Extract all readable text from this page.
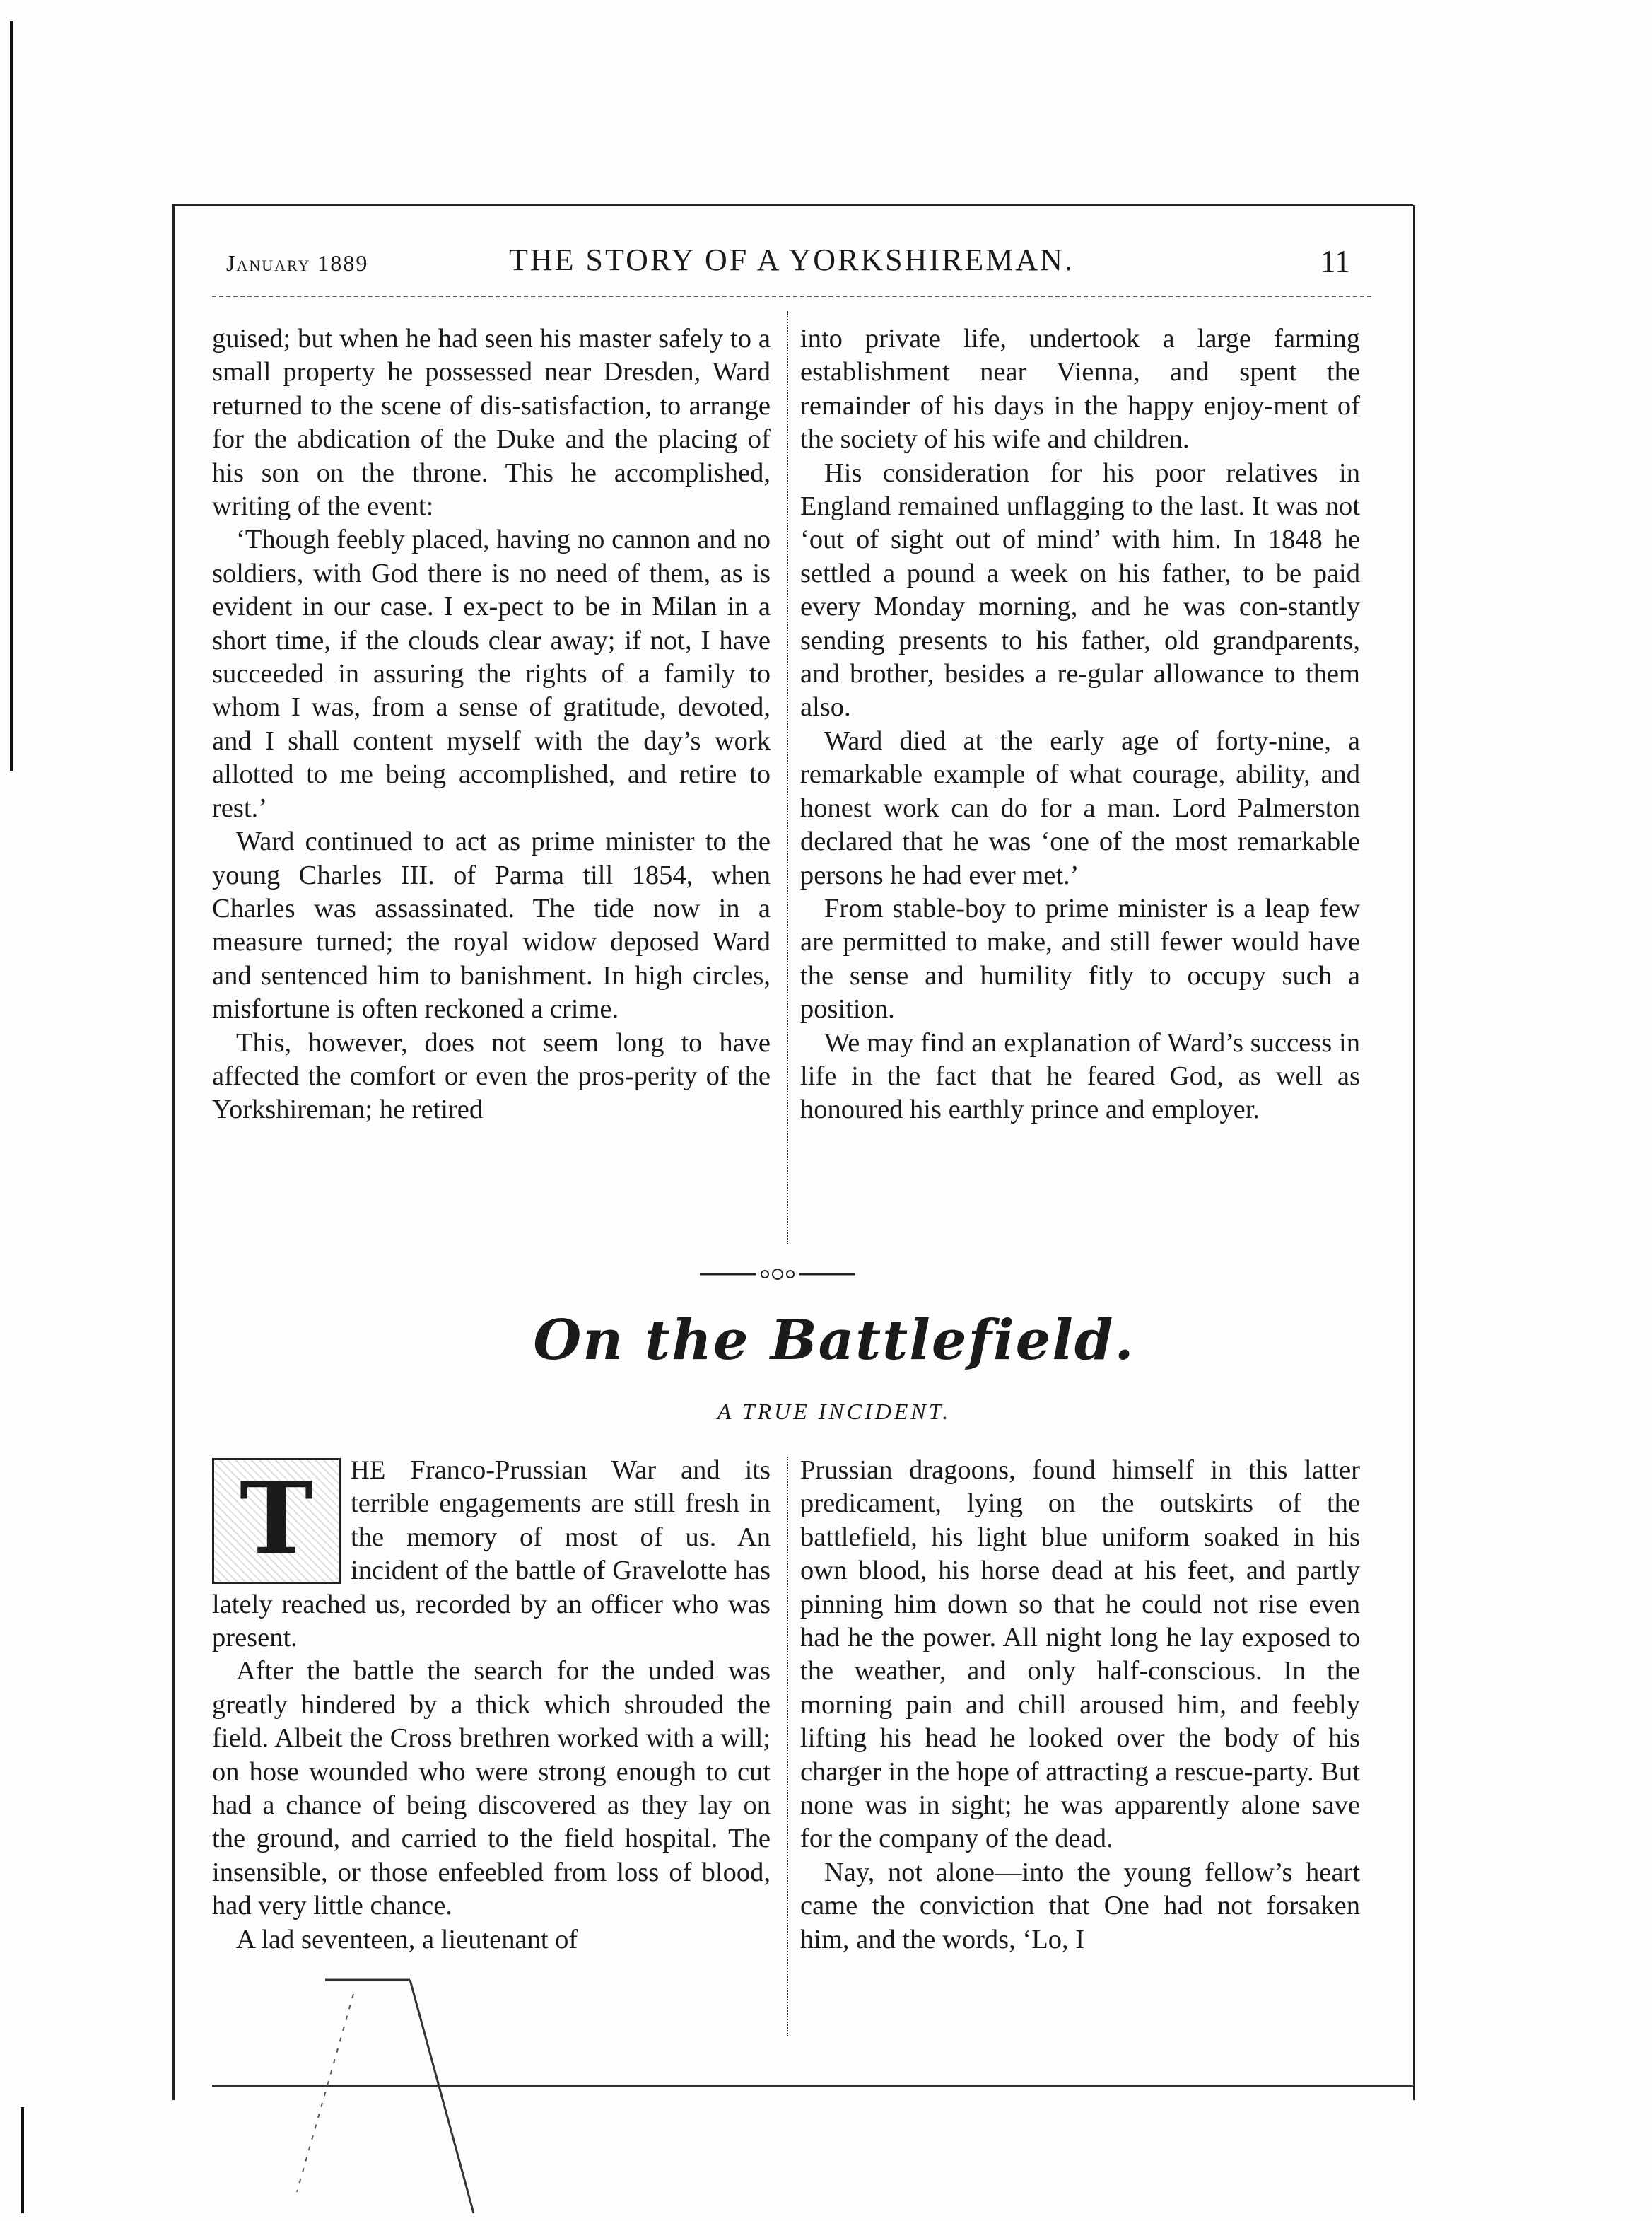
January 1889	THE STORY OF A YORKSHIREMAN.	11

guised; but when he had seen his master safely to a small property he possessed near Dresden, Ward returned to the scene of dis-satisfaction, to arrange for the abdication of the Duke and the placing of his son on the throne. This he accomplished, writing of the event:

‘Though feebly placed, having no cannon and no soldiers, with God there is no need of them, as is evident in our case. I ex-pect to be in Milan in a short time, if the clouds clear away; if not, I have succeeded in assuring the rights of a family to whom I was, from a sense of gratitude, devoted, and I shall content myself with the day’s work allotted to me being accomplished, and retire to rest.’

Ward continued to act as prime minister to the young Charles III. of Parma till 1854, when Charles was assassinated. The tide now in a measure turned; the royal widow deposed Ward and sentenced him to banishment. In high circles, misfortune is often reckoned a crime.

This, however, does not seem long to have affected the comfort or even the pros-perity of the Yorkshireman; he retired

into private life, undertook a large farming establishment near Vienna, and spent the remainder of his days in the happy enjoy-ment of the society of his wife and children.

His consideration for his poor relatives in England remained unflagging to the last. It was not ‘out of sight out of mind’ with him. In 1848 he settled a pound a week on his father, to be paid every Monday morning, and he was con-stantly sending presents to his father, old grandparents, and brother, besides a re-gular allowance to them also.

Ward died at the early age of forty-nine, a remarkable example of what courage, ability, and honest work can do for a man. Lord Palmerston declared that he was ‘one of the most remarkable persons he had ever met.’

From stable-boy to prime minister is a leap few are permitted to make, and still fewer would have the sense and humility fitly to occupy such a position.

We may find an explanation of Ward’s success in life in the fact that he feared God, as well as honoured his earthly prince and employer.

On the Battlefield.
A TRUE INCIDENT.

T	HE Franco-Prussian War and its terrible engagements are still fresh in the memory of most of us. An incident of the battle of Gravelotte has lately reached us, recorded by an officer who was present.

After the battle the search for the unded was greatly hindered by a thick which shrouded the field. Albeit the Cross brethren worked with a will; on hose wounded who were strong enough to cut had a chance of being discovered as they lay on the ground, and carried to the field hospital. The insensible, or those enfeebled from loss of blood, had very little chance.

A lad seventeen, a lieutenant of

Prussian dragoons, found himself in this latter predicament, lying on the outskirts of the battlefield, his light blue uniform soaked in his own blood, his horse dead at his feet, and partly pinning him down so that he could not rise even had he the power. All night long he lay exposed to the weather, and only half-conscious. In the morning pain and chill aroused him, and feebly lifting his head he looked over the body of his charger in the hope of attracting a rescue-party. But none was in sight; he was apparently alone save for the company of the dead.

Nay, not alone—into the young fellow’s heart came the conviction that One had not forsaken him, and the words, ‘Lo, I
